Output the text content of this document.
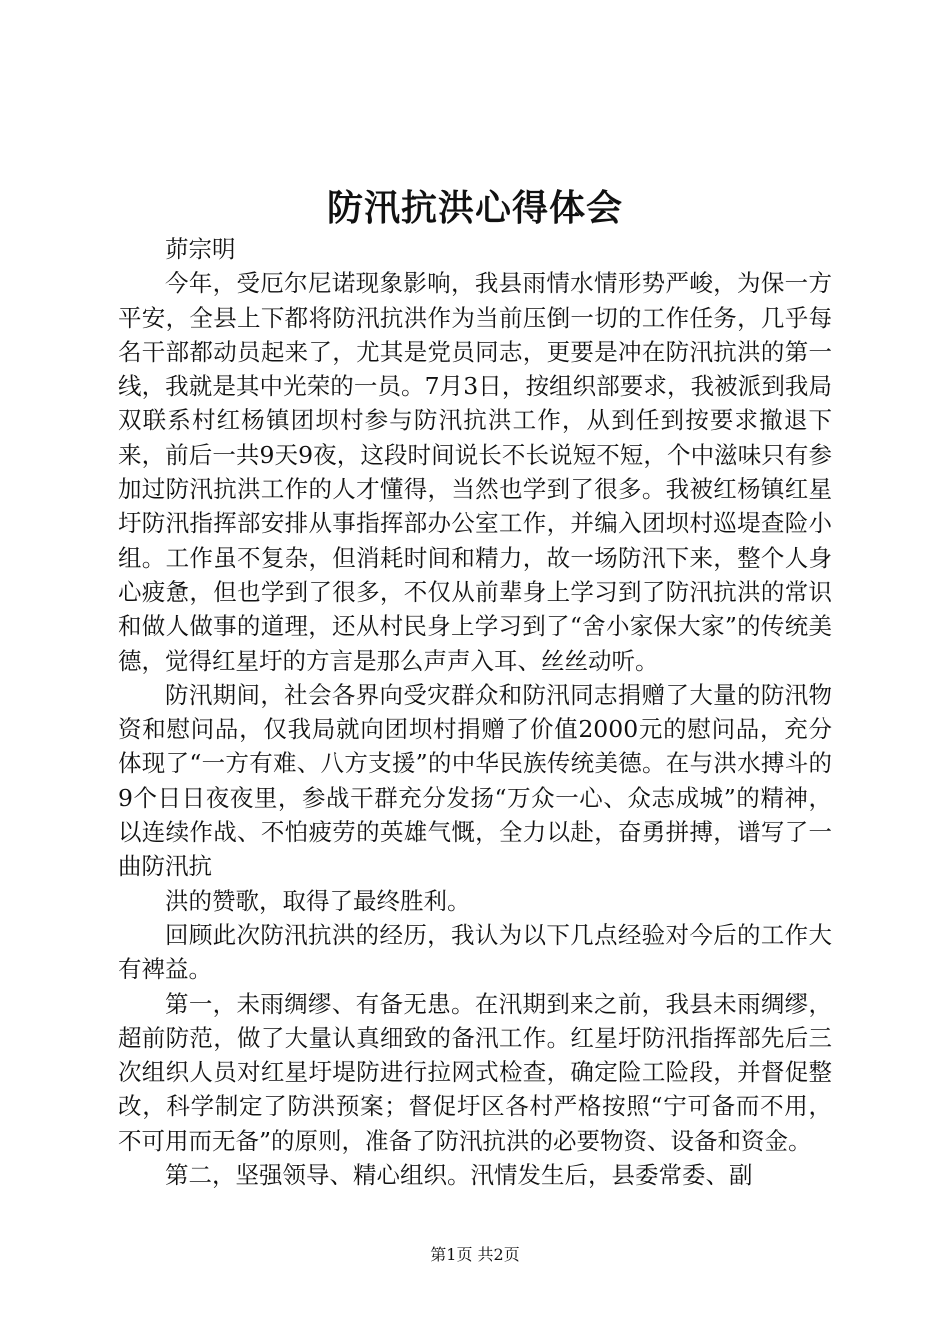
防汛抗洪心得体会

茆宗明

今年，受厄尔尼诺现象影响，我县雨情水情形势严峻，为保一方平安，全县上下都将防汛抗洪作为当前压倒一切的工作任务，几乎每名干部都动员起来了，尤其是党员同志，更要是冲在防汛抗洪的第一线，我就是其中光荣的一员。7月3日，按组织部要求，我被派到我局双联系村红杨镇团坝村参与防汛抗洪工作，从到任到按要求撤退下来，前后一共9天9夜，这段时间说长不长说短不短，个中滋味只有参加过防汛抗洪工作的人才懂得，当然也学到了很多。我被红杨镇红星圩防汛指挥部安排从事指挥部办公室工作，并编入团坝村巡堤查险小组。工作虽不复杂，但消耗时间和精力，故一场防汛下来，整个人身心疲惫，但也学到了很多，不仅从前辈身上学习到了防汛抗洪的常识和做人做事的道理，还从村民身上学习到了“舍小家保大家”的传统美德，觉得红星圩的方言是那么声声入耳、丝丝动听。

防汛期间，社会各界向受灾群众和防汛同志捐赠了大量的防汛物资和慰问品，仅我局就向团坝村捐赠了价值2000元的慰问品，充分体现了“一方有难、八方支援”的中华民族传统美德。在与洪水搏斗的9个日日夜夜里，参战干群充分发扬“万众一心、众志成城”的精神，以连续作战、不怕疲劳的英雄气慨，全力以赴，奋勇拼搏，谱写了一曲防汛抗

洪的赞歌，取得了最终胜利。

回顾此次防汛抗洪的经历，我认为以下几点经验对今后的工作大有裨益。

第一，未雨绸缪、有备无患。在汛期到来之前，我县未雨绸缪，超前防范，做了大量认真细致的备汛工作。红星圩防汛指挥部先后三次组织人员对红星圩堤防进行拉网式检查，确定险工险段，并督促整改，科学制定了防洪预案；督促圩区各村严格按照“宁可备而不用，不可用而无备”的原则，准备了防汛抗洪的必要物资、设备和资金。

第二，坚强领导、精心组织。汛情发生后，县委常委、副

第1页 共2页
